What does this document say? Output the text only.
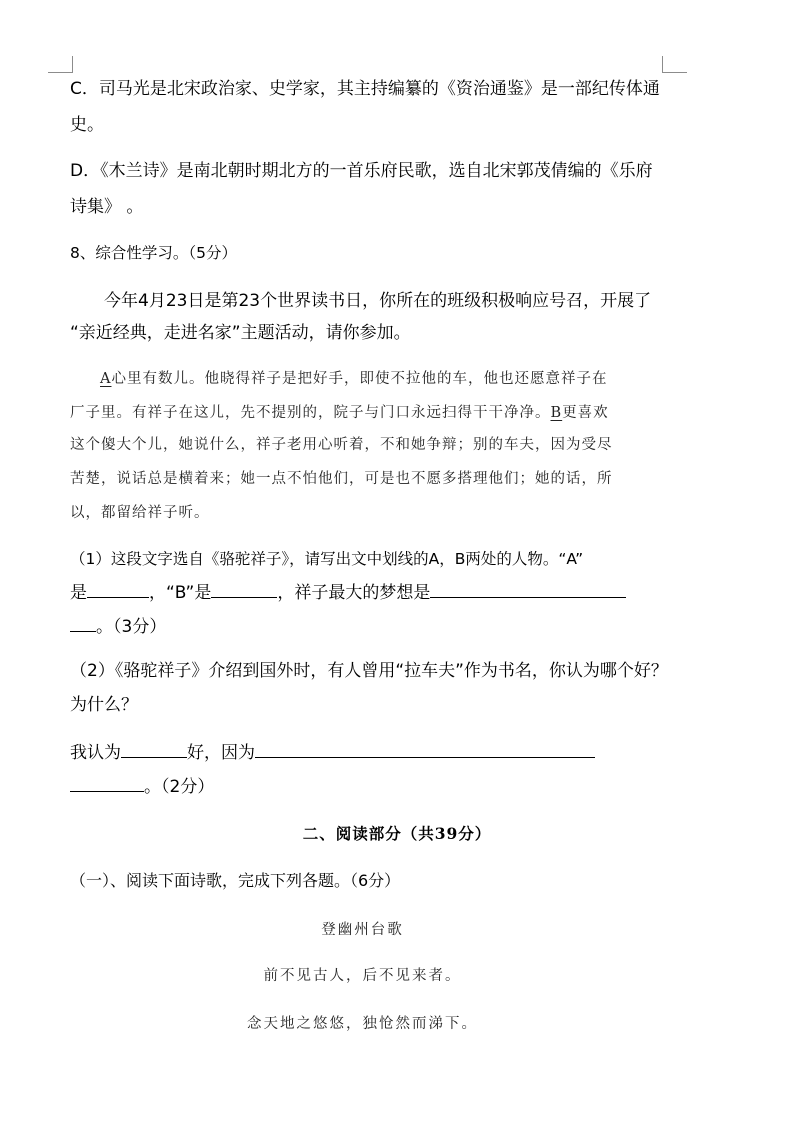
C．司马光是北宋政治家、史学家，其主持编纂的《资治通鉴》是一部纪传体通
史。
D．《木兰诗》是南北朝时期北方的一首乐府民歌，选自北宋郭茂倩编的《乐府
诗集》 。
8、综合性学习。（5分）
今年4月23日是第23个世界读书日，你所在的班级积极响应号召，开展了
“亲近经典，走进名家”主题活动，请你参加。
A心里有数儿。他晓得祥子是把好手，即使不拉他的车，他也还愿意祥子在
厂子里。有祥子在这儿，先不提别的，院子与门口永远扫得干干净净。B更喜欢
这个傻大个儿，她说什么，祥子老用心听着，不和她争辩；别的车夫，因为受尽
苦楚，说话总是横着来；她一点不怕他们，可是也不愿多搭理他们；她的话，所
以，都留给祥子听。
（1）这段文字选自《骆驼祥子》，请写出文中划线的A，B两处的人物。“A”
是	，“B”是	，祥子最大的梦想是
。（3分）
（2）《骆驼祥子》介绍到国外时，有人曾用“拉车夫”作为书名，你认为哪个好？
为什么？
我认为	好，因为
。（2分）
二、阅读部分（共39分）
（一）、阅读下面诗歌，完成下列各题。（6分）
登幽州台歌
前不见古人，后不见来者。
念天地之悠悠，独怆然而涕下。
